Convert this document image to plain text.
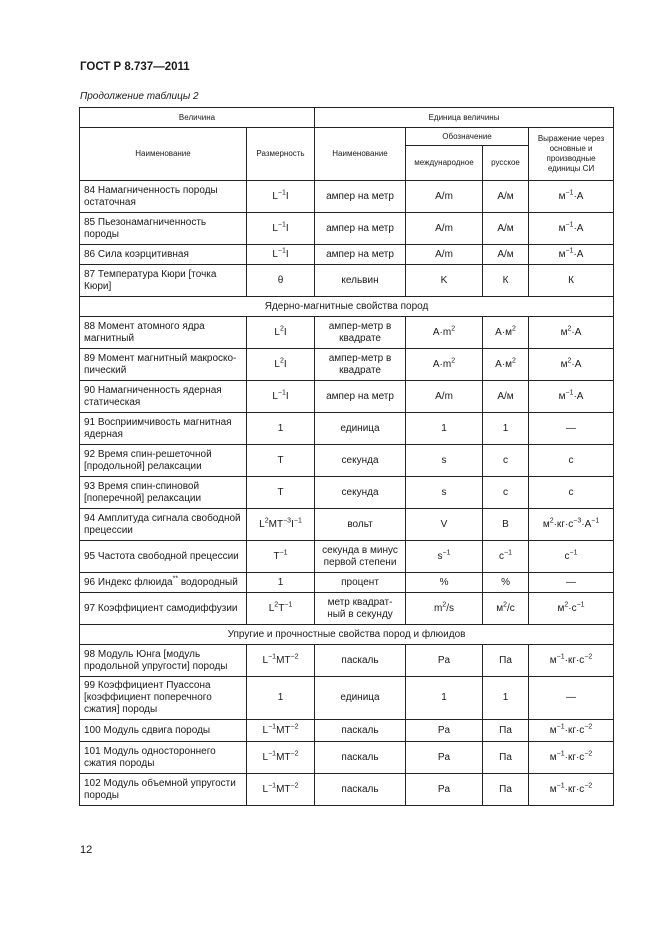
ГОСТ Р 8.737—2011
Продолжение таблицы 2
Величина		Единица величины			
Наименование	Размерность	Наименование	Обозначение		Выражение через основные и производные единицы СИ
			международное	русское	
84 Намагниченность породы остаточная	$L^{-1}I$	ампер на метр	A/m	А/м	$м^{-1}\cdot А$
85 Пьезонамагниченность породы	$L^{-1}I$	ампер на метр	A/m	А/м	$м^{-1}\cdot А$
86 Сила коэрцитивная	$L^{-1}I$	ампер на метр	A/m	А/м	$м^{-1}\cdot А$
87 Температура Кюри [точка Кюри]	θ	кельвин	K	К	К
Ядерно-магнитные свойства пород					
88 Момент атомного ядра магнитный	$L^2I$	ампер-метр в квадрате	$A\cdot m^2$	$А\cdot м^2$	$м^2\cdot А$
89 Момент магнитный макроско-пический	$L^2I$	ампер-метр в квадрате	$A\cdot m^2$	$А\cdot м^2$	$м^2\cdot А$
90 Намагниченность ядерная статическая	$L^{-1}I$	ампер на метр	A/m	А/м	$м^{-1}\cdot А$
91 Восприимчивость магнитная ядерная	1	единица	1	1	—
92 Время спин-решеточной [продольной] релаксации	T	секунда	s	с	с
93 Время спин-спиновой [поперечной] релаксации	T	секунда	s	с	с
94 Амплитуда сигнала свободной прецессии	$L^2MT^{-3}I^{-1}$	вольт	V	В	$м^2\cdot кг\cdot с^{-3}\cdot А^{-1}$
95 Частота свободной прецессии	$T^{-1}$	секунда в минус первой степени	$s^{-1}$	$с^{-1}$	$с^{-1}$
96 Индекс флюида** водородный	1	процент	%	%	—
97 Коэффициент самодиффузии	$L^2T^{-1}$	метр квадрат-ный в секунду	$m^2/s$	$м^2/с$	$м^2\cdot с^{-1}$
Упругие и прочностные свойства пород и флюидов					
98 Модуль Юнга [модуль продольной упругости] породы	$L^{-1}MT^{-2}$	паскаль	Pa	Па	$м^{-1}\cdot кг\cdot с^{-2}$
99 Коэффициент Пуассона [коэффициент поперечного сжатия] породы	1	единица	1	1	—
100 Модуль сдвига породы	$L^{-1}MT^{-2}$	паскаль	Pa	Па	$м^{-1}\cdot кг\cdot с^{-2}$
101 Модуль одностороннего сжатия породы	$L^{-1}MT^{-2}$	паскаль	Pa	Па	$м^{-1}\cdot кг\cdot с^{-2}$
102 Модуль объемной упругости породы	$L^{-1}MT^{-2}$	паскаль	Pa	Па	$м^{-1}\cdot кг\cdot с^{-2}$
12
